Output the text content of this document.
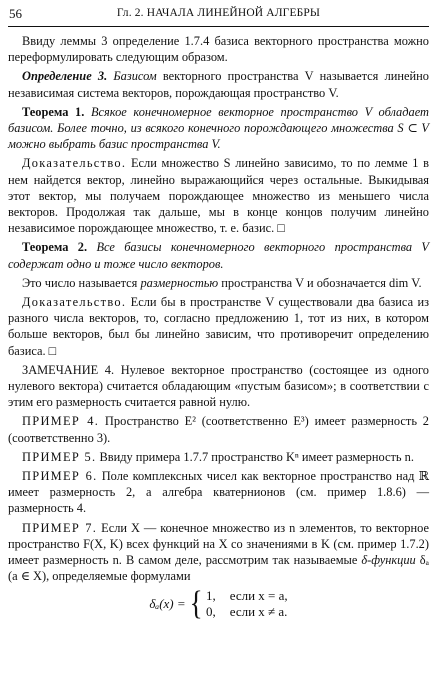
56	Гл. 2. НАЧАЛА ЛИНЕЙНОЙ АЛГЕБРЫ

Ввиду леммы 3 определение 1.7.4 базиса векторного пространства можно переформулировать следующим образом.

Определение 3. Базисом векторного пространства V называется линейно независимая система векторов, порождающая пространство V.

Теорема 1. Всякое конечномерное векторное пространство V обладает базисом. Более точно, из всякого конечного порождающего множества S ⊂ V можно выбрать базис пространства V.

Доказательство. Если множество S линейно зависимо, то по лемме 1 в нем найдется вектор, линейно выражающийся через остальные. Выкидывая этот вектор, мы получаем порождающее множество из меньшего числа векторов. Продолжая так дальше, мы в конце концов получим линейно независимое порождающее множество, т. е. базис. □

Теорема 2. Все базисы конечномерного векторного пространства V содержат одно и тоже число векторов.

Это число называется размерностью пространства V и обозначается dim V.

Доказательство. Если бы в пространстве V существовали два базиса из разного числа векторов, то, согласно предложению 1, тот из них, в котором больше векторов, был бы линейно зависим, что противоречит определению базиса. □

ЗАМЕЧАНИЕ 4. Нулевое векторное пространство (состоящее из одного нулевого вектора) считается обладающим «пустым базисом»; в соответствии с этим его размерность считается равной нулю.

ПРИМЕР 4. Пространство E² (соответственно E³) имеет размерность 2 (соответственно 3).

ПРИМЕР 5. Ввиду примера 1.7.7 пространство Kⁿ имеет размерность n.

ПРИМЕР 6. Поле комплексных чисел как векторное пространство над ℝ имеет размерность 2, а алгебра кватернионов (см. пример 1.8.6) — размерность 4.

ПРИМЕР 7. Если X — конечное множество из n элементов, то векторное пространство F(X, K) всех функций на X со значениями в K (см. пример 1.7.2) имеет размерность n. В самом деле, рассмотрим так называемые δ-функции δₐ (a ∈ X), определяемые формулами

δₐ(x) = { 1, если x = a,
0, если x ≠ a.
